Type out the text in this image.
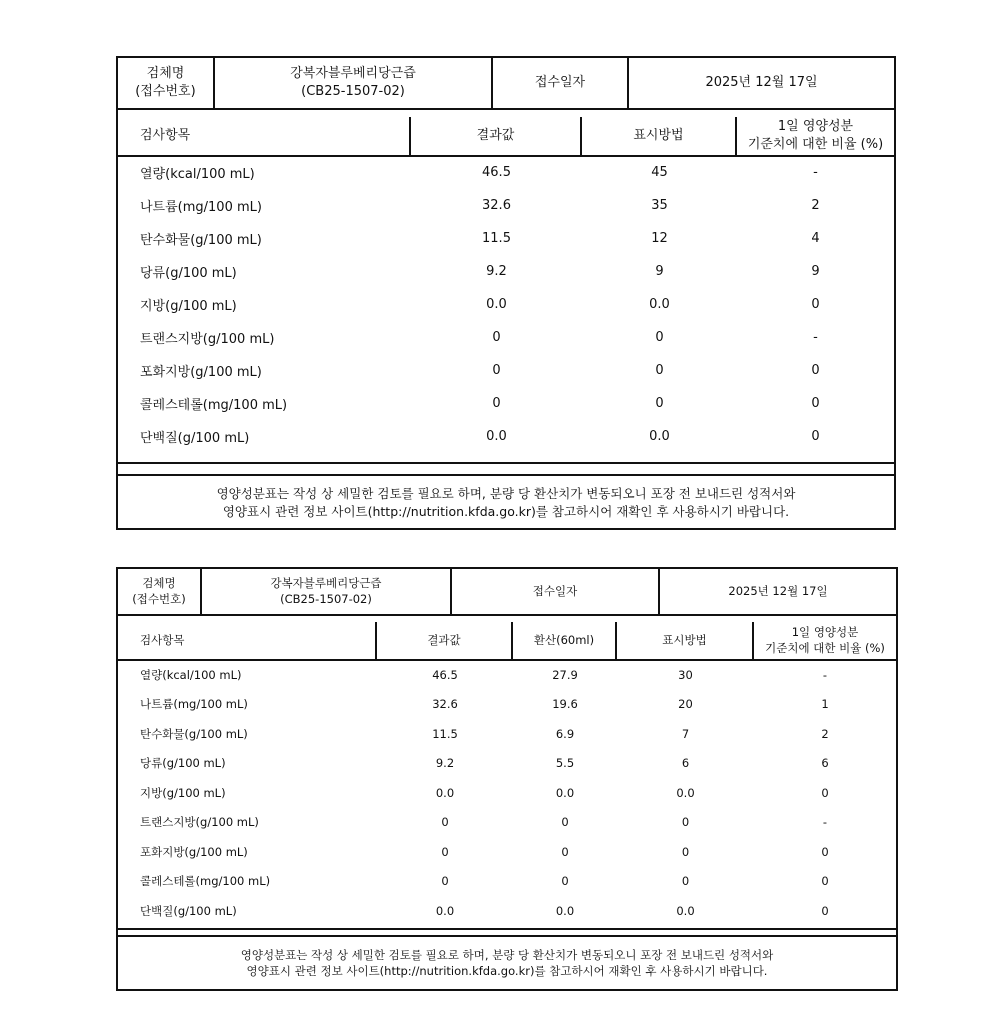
검체명
(접수번호)
강복자블루베리당근즙
(CB25-1507-02)
접수일자	2025년 12월 17일
검사항목	결과값	표시방법
1일 영양성분
기준치에 대한 비율 (%)
열량(kcal/100 mL)	46.5	45	-
나트륨(mg/100 mL)	32.6	35	2
탄수화물(g/100 mL)	11.5	12	4
당류(g/100 mL)	9.2	9	9
지방(g/100 mL)	0.0	0.0	0
트랜스지방(g/100 mL)	0	0	-
포화지방(g/100 mL)	0	0	0
콜레스테롤(mg/100 mL)	0	0	0
단백질(g/100 mL)	0.0	0.0	0
영양성분표는 작성 상 세밀한 검토를 필요로 하며, 분량 당 환산치가 변동되오니 포장 전 보내드린 성적서와
영양표시 관련 정보 사이트(http://nutrition.kfda.go.kr)를 참고하시어 재확인 후 사용하시기 바랍니다.
검체명
(접수번호)
강복자블루베리당근즙
(CB25-1507-02)
접수일자	2025년 12월 17일
검사항목	결과값	환산(60ml)	표시방법
1일 영양성분
기준치에 대한 비율 (%)
열량(kcal/100 mL)	46.5	27.9	30	-
나트륨(mg/100 mL)	32.6	19.6	20	1
탄수화물(g/100 mL)	11.5	6.9	7	2
당류(g/100 mL)	9.2	5.5	6	6
지방(g/100 mL)	0.0	0.0	0.0	0
트랜스지방(g/100 mL)	0	0	0	-
포화지방(g/100 mL)	0	0	0	0
콜레스테롤(mg/100 mL)	0	0	0	0
단백질(g/100 mL)	0.0	0.0	0.0	0
영양성분표는 작성 상 세밀한 검토를 필요로 하며, 분량 당 환산치가 변동되오니 포장 전 보내드린 성적서와
영양표시 관련 정보 사이트(http://nutrition.kfda.go.kr)를 참고하시어 재확인 후 사용하시기 바랍니다.
